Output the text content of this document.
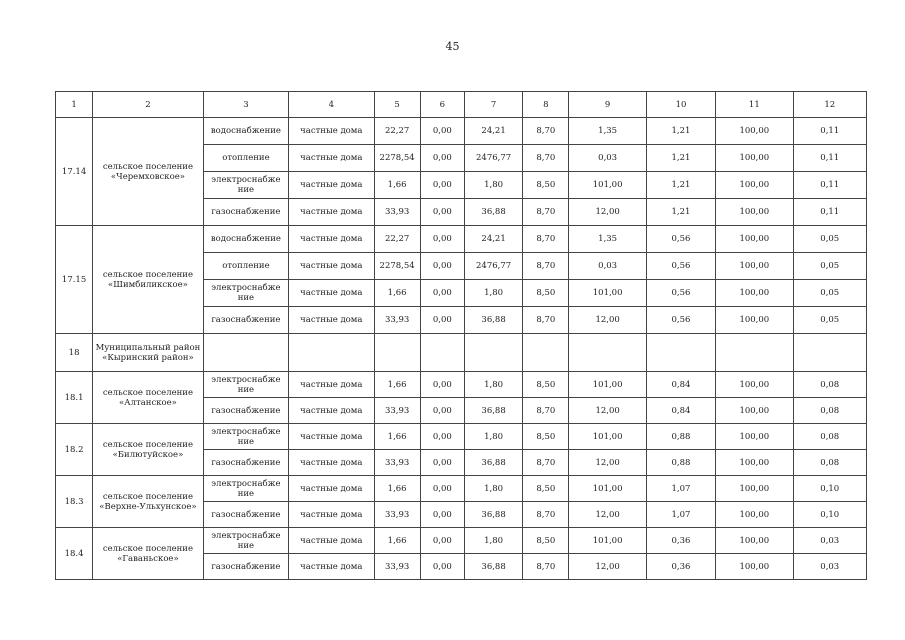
45
1	2	3	4	5	6	7	8	9	10	11	12
17.14	сельское поселение «Черемховское»	водоснабжение	частные дома	22,27	0,00	24,21	8,70	1,35	1,21	100,00	0,11
		отопление	частные дома	2278,54	0,00	2476,77	8,70	0,03	1,21	100,00	0,11
		электроснабже ние	частные дома	1,66	0,00	1,80	8,50	101,00	1,21	100,00	0,11
		газоснабжение	частные дома	33,93	0,00	36,88	8,70	12,00	1,21	100,00	0,11
17.15	сельское поселение «Шимбиликское»	водоснабжение	частные дома	22,27	0,00	24,21	8,70	1,35	0,56	100,00	0,05
		отопление	частные дома	2278,54	0,00	2476,77	8,70	0,03	0,56	100,00	0,05
		электроснабже ние	частные дома	1,66	0,00	1,80	8,50	101,00	0,56	100,00	0,05
		газоснабжение	частные дома	33,93	0,00	36,88	8,70	12,00	0,56	100,00	0,05
18	Муниципальный район «Кыринский район»										
18.1	сельское поселение «Алтанское»	электроснабже ние	частные дома	1,66	0,00	1,80	8,50	101,00	0,84	100,00	0,08
		газоснабжение	частные дома	33,93	0,00	36,88	8,70	12,00	0,84	100,00	0,08
18.2	сельское поселение «Билютуйское»	электроснабже ние	частные дома	1,66	0,00	1,80	8,50	101,00	0,88	100,00	0,08
		газоснабжение	частные дома	33,93	0,00	36,88	8,70	12,00	0,88	100,00	0,08
18.3	сельское поселение «Верхне-Ульхунское»	электроснабже ние	частные дома	1,66	0,00	1,80	8,50	101,00	1,07	100,00	0,10
		газоснабжение	частные дома	33,93	0,00	36,88	8,70	12,00	1,07	100,00	0,10
18.4	сельское поселение «Гаваньское»	электроснабже ние	частные дома	1,66	0,00	1,80	8,50	101,00	0,36	100,00	0,03
		газоснабжение	частные дома	33,93	0,00	36,88	8,70	12,00	0,36	100,00	0,03
